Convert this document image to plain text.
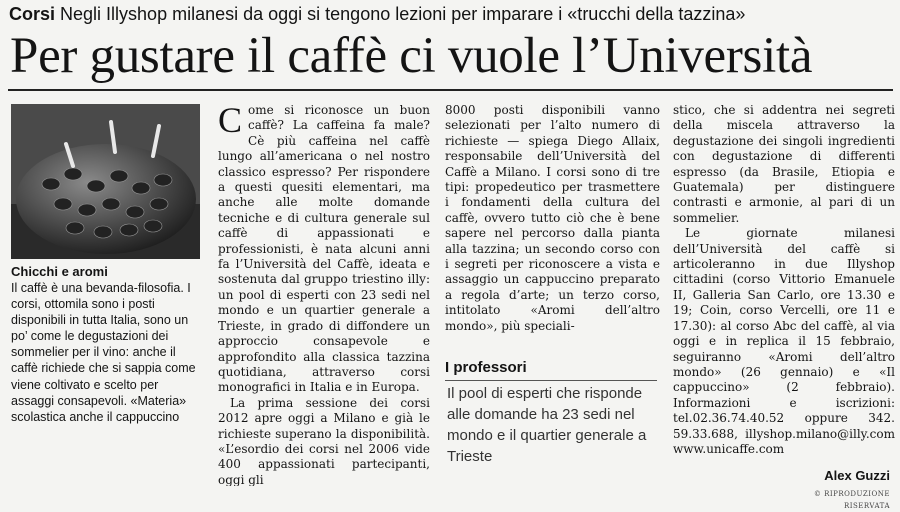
Corsi Negli Illyshop milanesi da oggi si tengono lezioni per imparare i «trucchi della tazzina»
Per gustare il caffè ci vuole l’Università
Chicchi e aromi
Il caffè è una bevanda-filosofia. I corsi, ottomila sono i posti disponibili in tutta Italia, sono un po’ come le degustazioni dei sommelier per il vino: anche il caffè richiede che si sappia come viene coltivato e scelto per assaggi consapevoli. «Materia» scolastica anche il cappuccino

Come si riconosce un buon caffè? La caffeina fa male? Cè più caffeina nel caffè lungo all’americana o nel nostro classico espresso? Per rispondere a questi quesiti elementari, ma anche alle molte domande tecniche e di cultura generale sul caffè di appassionati e professionisti, è nata alcuni anni fa l’Università del Caffè, ideata e sostenuta dal gruppo triestino illy: un pool di esperti con 23 sedi nel mondo e un quartier generale a Trieste, in grado di diffondere un approccio consapevole e approfondito alla classica tazzina quotidiana, attraverso corsi monografici in Italia e in Europa.

La prima sessione dei corsi 2012 apre oggi a Milano e già le richieste superano la disponibilità. «L’esordio dei corsi nel 2006 vide 400 appassionati partecipanti, oggi gli

8000 posti disponibili vanno selezionati per l’alto numero di richieste — spiega Diego Allaix, responsabile dell’Università del Caffè a Milano. I corsi sono di tre tipi: propedeutico per trasmettere i fondamenti della cultura del caffè, ovvero tutto ciò che è bene sapere nel percorso dalla pianta alla tazzina; un secondo corso con i segreti per riconoscere a vista e assaggio un cappuccino preparato a regola d’arte; un terzo corso, intitolato «Aromi dell’altro mondo», più speciali-

I professori
Il pool di esperti che risponde alle domande ha 23 sedi nel mondo e il quartier generale a Trieste

stico, che si addentra nei segreti della miscela attraverso la degustazione dei singoli ingredienti con degustazione di differenti espresso (da Brasile, Etiopia e Guatemala) per distinguere contrasti e armonie, al pari di un sommelier.

Le giornate milanesi dell’Università del caffè si articoleranno in due Illyshop cittadini (corso Vittorio Emanuele II, Galleria San Carlo, ore 13.30 e 19; Coin, corso Vercelli, ore 11 e 17.30): al corso Abc del caffè, al via oggi e in replica il 15 febbraio, seguiranno «Aromi dell’altro mondo» (26 gennaio) e «Il cappuccino» (2 febbraio). Informazioni e iscrizioni: tel.02.36.74.40.52 oppure 342. 59.33.688, illyshop.milano@illy.com www.unicaffe.com

Alex Guzzi
© RIPRODUZIONE RISERVATA
